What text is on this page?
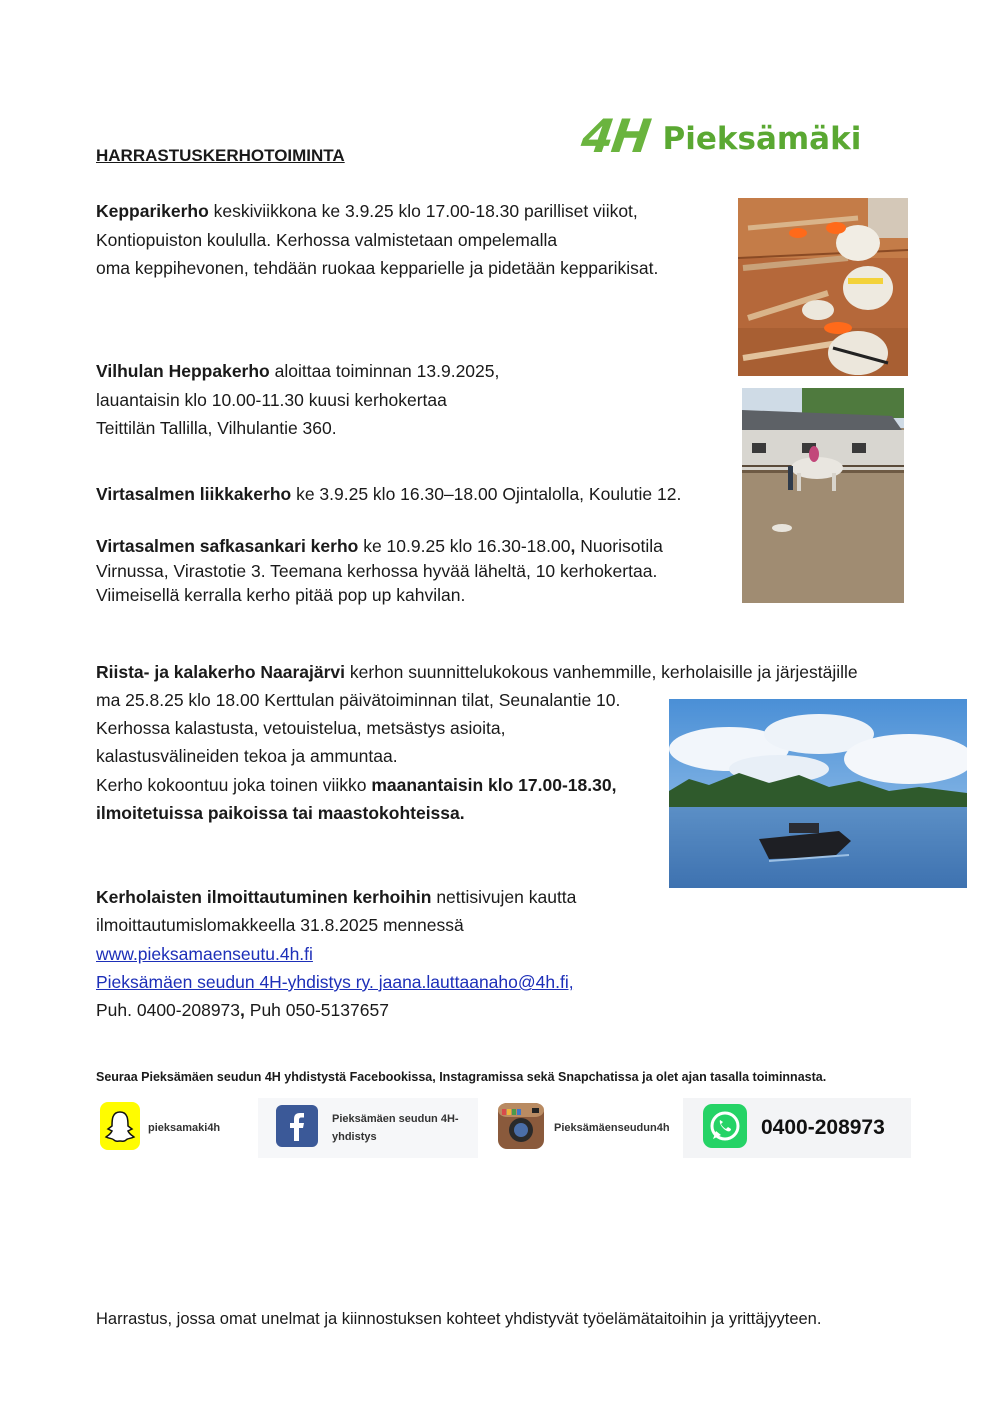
HARRASTUSKERHOTOIMINTA	4H Pieksämäki
Kepparikerho keskiviikkona ke 3.9.25 klo 17.00-18.30 parilliset viikot,
Kontiopuiston koululla. Kerhossa valmistetaan ompelemalla
oma keppihevonen, tehdään ruokaa kepparielle ja pidetään kepparikisat.
Vilhulan Heppakerho aloittaa toiminnan 13.9.2025,
lauantaisin klo 10.00-11.30 kuusi kerhokertaa
Teittilän Tallilla, Vilhulantie 360.
Virtasalmen liikkakerho ke 3.9.25 klo 16.30–18.00 Ojintalolla, Koulutie 12.
Virtasalmen safkasankari kerho ke 10.9.25 klo 16.30-18.00, Nuorisotila
Virnussa, Virastotie 3. Teemana kerhossa hyvää läheltä, 10 kerhokertaa.
Viimeisellä kerralla kerho pitää pop up kahvilan.
Riista- ja kalakerho Naarajärvi kerhon suunnittelukokous vanhemmille, kerholaisille ja järjestäjille
ma 25.8.25 klo 18.00 Kerttulan päivätoiminnan tilat, Seunalantie 10.
Kerhossa kalastusta, vetouistelua, metsästys asioita,
kalastusvälineiden tekoa ja ammuntaa.
Kerho kokoontuu joka toinen viikko maanantaisin klo 17.00-18.30,
ilmoitetuissa paikoissa tai maastokohteissa.
Kerholaisten ilmoittautuminen kerhoihin nettisivujen kautta
ilmoittautumislomakkeella 31.8.2025 mennessä
www.pieksamaenseutu.4h.fi
Pieksämäen seudun 4H-yhdistys ry. jaana.lauttaanaho@4h.fi,
Puh. 0400-208973, Puh 050-5137657
Seuraa Pieksämäen seudun 4H yhdistystä Facebookissa, Instagramissa sekä Snapchatissa ja olet ajan tasalla toiminnasta.
pieksamaki4h
Pieksämäen seudun 4H-
yhdistys
Pieksämäenseudun4h	0400-208973
Harrastus, jossa omat unelmat ja kiinnostuksen kohteet yhdistyvät työelämätaitoihin ja yrittäjyyteen.
